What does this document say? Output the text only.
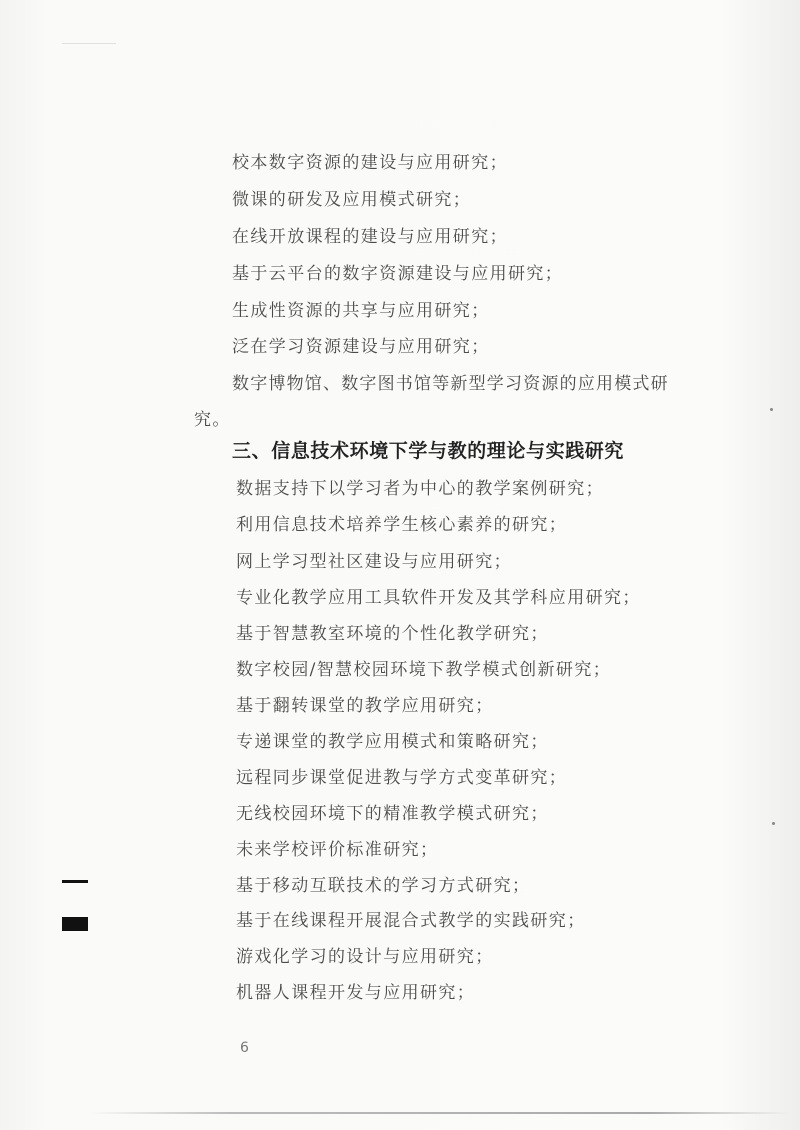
校本数字资源的建设与应用研究；
微课的研发及应用模式研究；
在线开放课程的建设与应用研究；
基于云平台的数字资源建设与应用研究；
生成性资源的共享与应用研究；
泛在学习资源建设与应用研究；
数字博物馆、数字图书馆等新型学习资源的应用模式研
究。
三、信息技术环境下学与教的理论与实践研究
数据支持下以学习者为中心的教学案例研究；
利用信息技术培养学生核心素养的研究；
网上学习型社区建设与应用研究；
专业化教学应用工具软件开发及其学科应用研究；
基于智慧教室环境的个性化教学研究；
数字校园/智慧校园环境下教学模式创新研究；
基于翻转课堂的教学应用研究；
专递课堂的教学应用模式和策略研究；
远程同步课堂促进教与学方式变革研究；
无线校园环境下的精准教学模式研究；
未来学校评价标准研究；
基于移动互联技术的学习方式研究；
基于在线课程开展混合式教学的实践研究；
游戏化学习的设计与应用研究；
机器人课程开发与应用研究；
6
